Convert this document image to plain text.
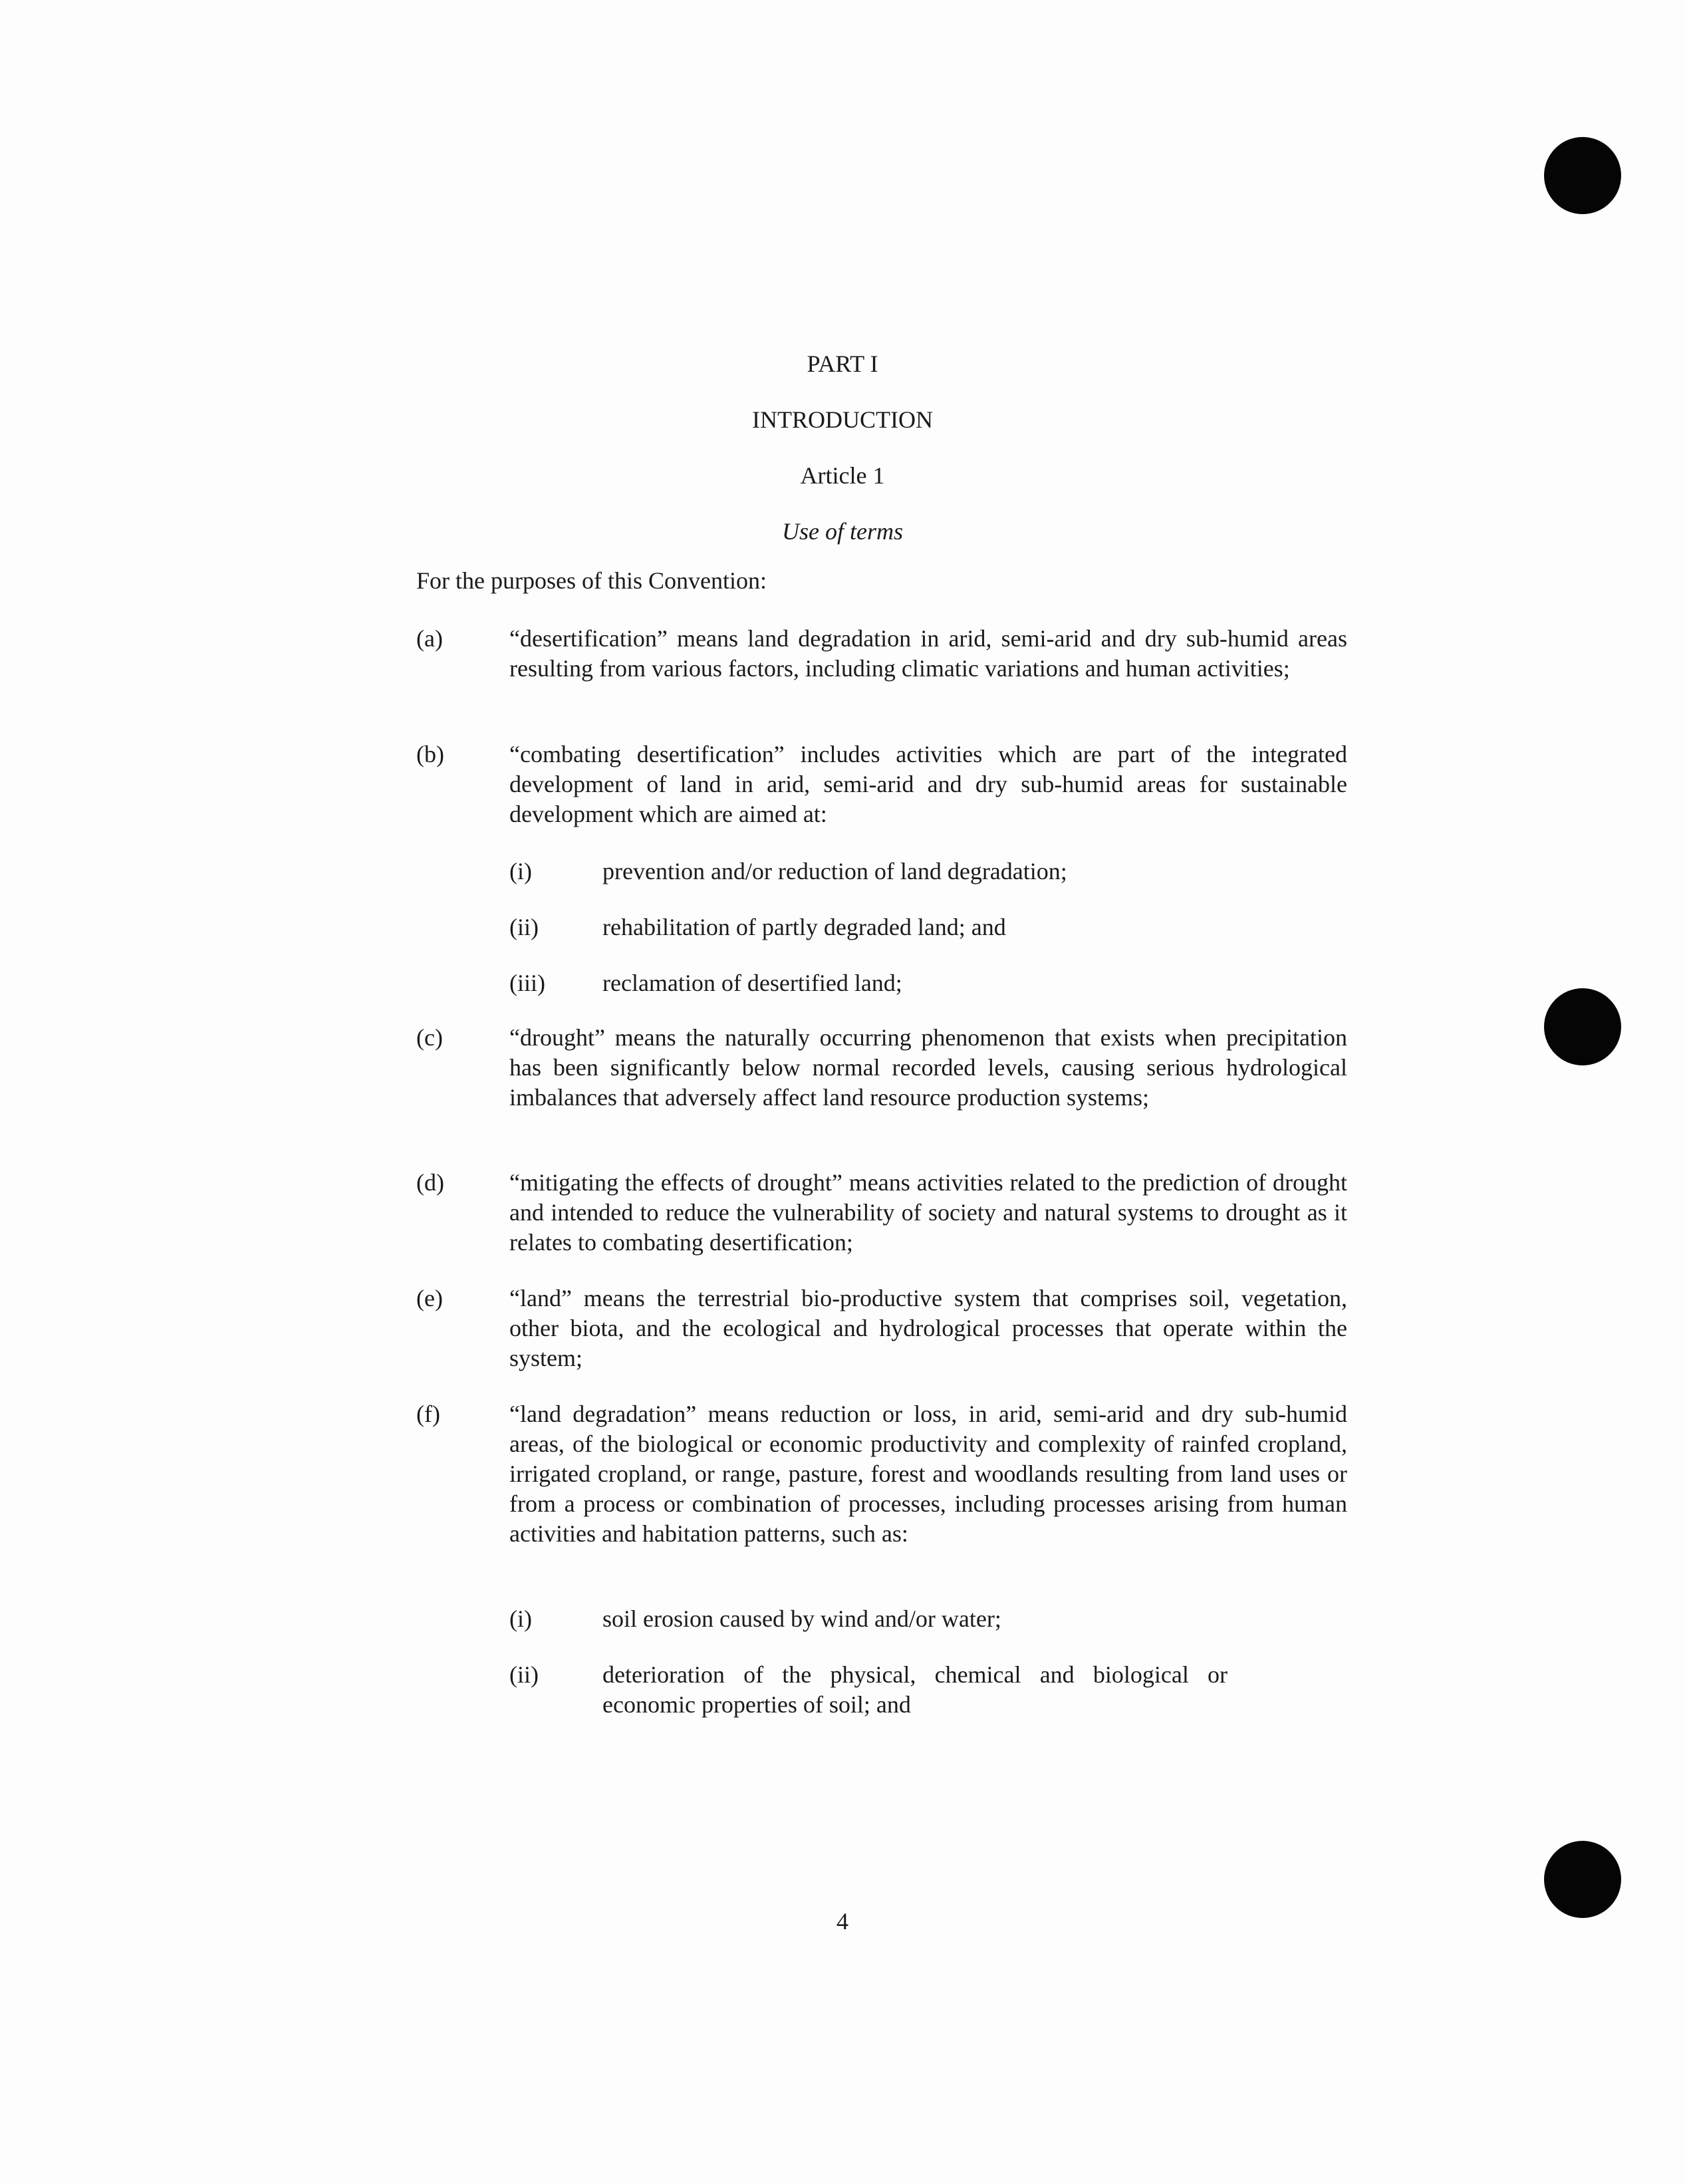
PART I
INTRODUCTION
Article 1
Use of terms
For the purposes of this Convention:
(a)	“desertification” means land degradation in arid, semi-arid and dry sub-humid areas resulting from various factors, including climatic variations and human activities;
(b)	“combating desertification” includes activities which are part of the integrated development of land in arid, semi-arid and dry sub-humid areas for sustainable development which are aimed at:
(i)	prevention and/or reduction of land degradation;
(ii)	rehabilitation of partly degraded land; and
(iii) reclamation of desertified land;
(c)	“drought” means the naturally occurring phenomenon that exists when precipitation has been significantly below normal recorded levels, causing serious hydrological imbalances that adversely affect land resource production systems;
(d)	“mitigating the effects of drought” means activities related to the prediction of drought and intended to reduce the vulnerability of society and natural systems to drought as it relates to combating desertification;
(e)	“land” means the terrestrial bio-productive system that comprises soil, vegetation, other biota, and the ecological and hydrological processes that operate within the system;
(f)	“land degradation” means reduction or loss, in arid, semi-arid and dry sub-humid areas, of the biological or economic productivity and complexity of rainfed cropland, irrigated cropland, or range, pasture, forest and woodlands resulting from land uses or from a process or combination of processes, including processes arising from human activities and habitation patterns, such as:
(i)	soil erosion caused by wind and/or water;
(ii)	deterioration of the physical, chemical and biological or economic properties of soil; and
4
